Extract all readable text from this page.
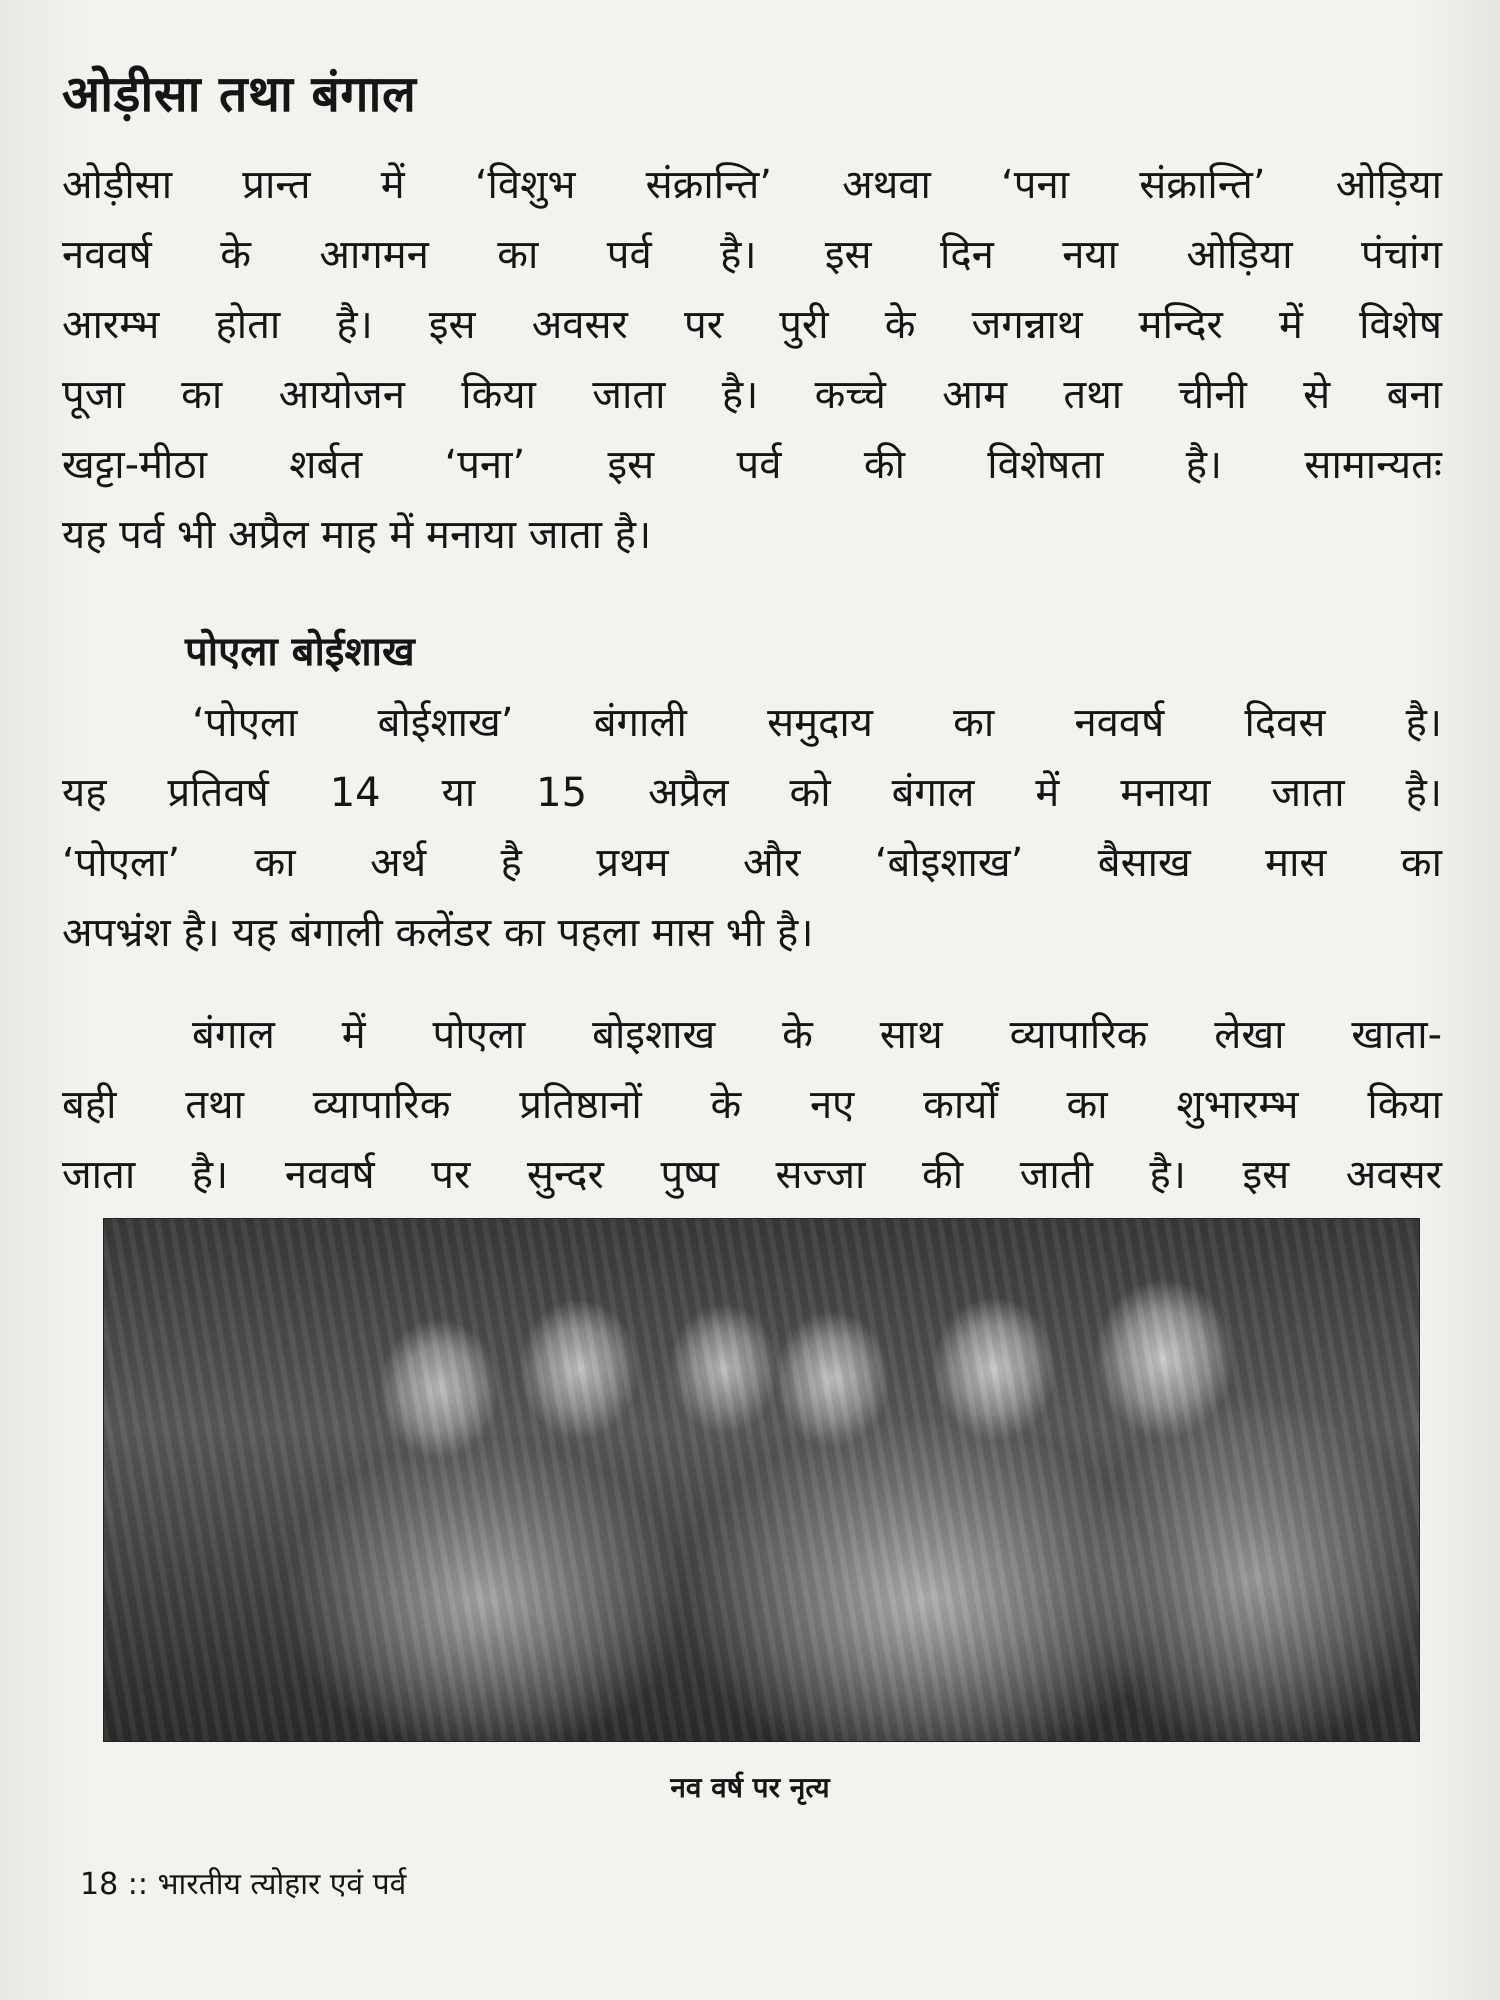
ओड़ीसा तथा बंगाल
ओड़ीसा प्रान्त में ‘विशुभ संक्रान्ति’ अथवा ‘पना संक्रान्ति’ ओड़िया
नववर्ष के आगमन का पर्व है। इस दिन नया ओड़िया पंचांग
आरम्भ होता है। इस अवसर पर पुरी के जगन्नाथ मन्दिर में विशेष
पूजा का आयोजन किया जाता है। कच्चे आम तथा चीनी से बना
खट्टा-मीठा शर्बत ‘पना’ इस पर्व की विशेषता है। सामान्यतः
यह पर्व भी अप्रैल माह में मनाया जाता है।
पोएला बोईशाख
‘पोएला बोईशाख’ बंगाली समुदाय का नववर्ष दिवस है।
यह प्रतिवर्ष 14 या 15 अप्रैल को बंगाल में मनाया जाता है।
‘पोएला’ का अर्थ है प्रथम और ‘बोइशाख’ बैसाख मास का
अपभ्रंश है। यह बंगाली कलेंडर का पहला मास भी है।
बंगाल में पोएला बोइशाख के साथ व्यापारिक लेखा खाता-
बही तथा व्यापारिक प्रतिष्ठानों के नए कार्यों का शुभारम्भ किया
जाता है। नववर्ष पर सुन्दर पुष्प सज्जा की जाती है। इस अवसर
नव वर्ष पर नृत्य
18 :: भारतीय त्योहार एवं पर्व
